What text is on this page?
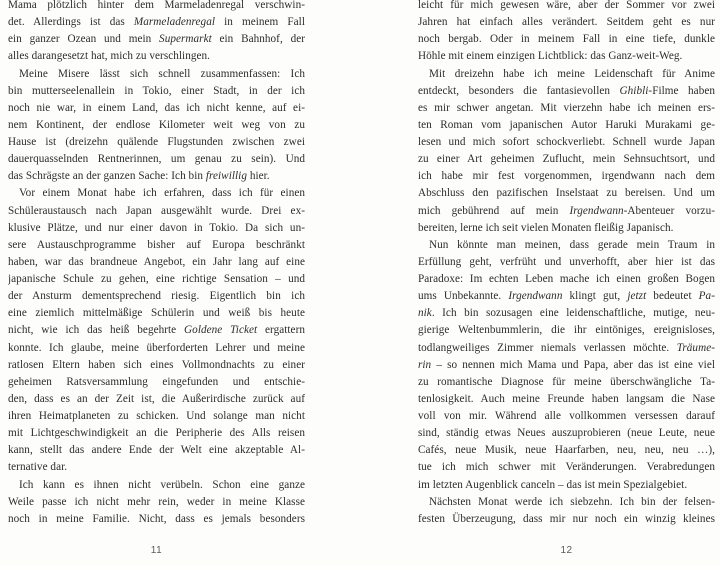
Mama plötzlich hinter dem Marmeladenregal verschwin-
det. Allerdings ist das Marmeladenregal in meinem Fall
ein ganzer Ozean und mein Supermarkt ein Bahnhof, der
alles darangesetzt hat, mich zu verschlingen.
Meine Misere lässt sich schnell zusammenfassen: Ich
bin mutterseelenallein in Tokio, einer Stadt, in der ich
noch nie war, in einem Land, das ich nicht kenne, auf ei-
nem Kontinent, der endlose Kilometer weit weg von zu
Hause ist (dreizehn quälende Flugstunden zwischen zwei
dauerquasselnden Rentnerinnen, um genau zu sein). Und
das Schrägste an der ganzen Sache: Ich bin freiwillig hier.
Vor einem Monat habe ich erfahren, dass ich für einen
Schüleraustausch nach Japan ausgewählt wurde. Drei ex-
klusive Plätze, und nur einer davon in Tokio. Da sich un-
sere Austauschprogramme bisher auf Europa beschränkt
haben, war das brandneue Angebot, ein Jahr lang auf eine
japanische Schule zu gehen, eine richtige Sensation – und
der Ansturm dementsprechend riesig. Eigentlich bin ich
eine ziemlich mittelmäßige Schülerin und weiß bis heute
nicht, wie ich das heiß begehrte Goldene Ticket ergattern
konnte. Ich glaube, meine überforderten Lehrer und meine
ratlosen Eltern haben sich eines Vollmondnachts zu einer
geheimen Ratsversammlung eingefunden und entschie-
den, dass es an der Zeit ist, die Außerirdische zurück auf
ihren Heimatplaneten zu schicken. Und solange man nicht
mit Lichtgeschwindigkeit an die Peripherie des Alls reisen
kann, stellt das andere Ende der Welt eine akzeptable Al-
ternative dar.
Ich kann es ihnen nicht verübeln. Schon eine ganze
Weile passe ich nicht mehr rein, weder in meine Klasse
noch in meine Familie. Nicht, dass es jemals besonders
11
leicht für mich gewesen wäre, aber der Sommer vor zwei
Jahren hat einfach alles verändert. Seitdem geht es nur
noch bergab. Oder in meinem Fall in eine tiefe, dunkle
Höhle mit einem einzigen Lichtblick: das Ganz-weit-Weg.
Mit dreizehn habe ich meine Leidenschaft für Anime
entdeckt, besonders die fantasievollen Ghibli-Filme haben
es mir schwer angetan. Mit vierzehn habe ich meinen ers-
ten Roman vom japanischen Autor Haruki Murakami ge-
lesen und mich sofort schockverliebt. Schnell wurde Japan
zu einer Art geheimen Zuflucht, mein Sehnsuchtsort, und
ich habe mir fest vorgenommen, irgendwann nach dem
Abschluss den pazifischen Inselstaat zu bereisen. Und um
mich gebührend auf mein Irgendwann-Abenteuer vorzu-
bereiten, lerne ich seit vielen Monaten fleißig Japanisch.
Nun könnte man meinen, dass gerade mein Traum in
Erfüllung geht, verfrüht und unverhofft, aber hier ist das
Paradoxe: Im echten Leben mache ich einen großen Bogen
ums Unbekannte. Irgendwann klingt gut, jetzt bedeutet Pa-
nik. Ich bin sozusagen eine leidenschaftliche, mutige, neu-
gierige Weltenbummlerin, die ihr eintöniges, ereignisloses,
todlangweiliges Zimmer niemals verlassen möchte. Träume-
rin – so nennen mich Mama und Papa, aber das ist eine viel
zu romantische Diagnose für meine überschwängliche Ta-
tenlosigkeit. Auch meine Freunde haben langsam die Nase
voll von mir. Während alle vollkommen versessen darauf
sind, ständig etwas Neues auszuprobieren (neue Leute, neue
Cafés, neue Musik, neue Haarfarben, neu, neu, neu …),
tue ich mich schwer mit Veränderungen. Verabredungen
im letzten Augenblick canceln – das ist mein Spezialgebiet.
Nächsten Monat werde ich siebzehn. Ich bin der felsen-
festen Überzeugung, dass mir nur noch ein winzig kleines
12
